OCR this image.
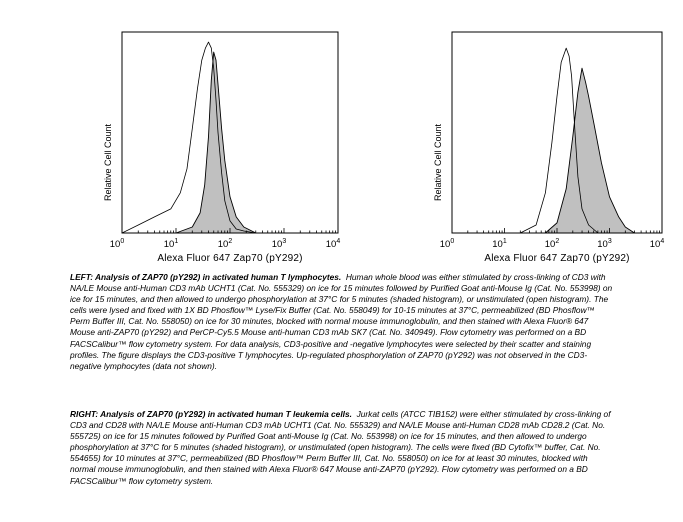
$10^0$	$10^1$	$10^2$	$10^3$	$10^4$
Alexa Fluor 647 Zap70 (pY292)
Relative Cell Count
$10^0$	$10^1$	$10^2$	$10^3$	$10^4$
Alexa Fluor 647 Zap70 (pY292)
Relative Cell Count

LEFT: Analysis of ZAP70 (pY292) in activated human T lymphocytes. Human whole blood was either stimulated by cross-linking of CD3 with NA/LE Mouse anti-Human CD3 mAb UCHT1 (Cat. No. 555329) on ice for 15 minutes followed by Purified Goat anti-Mouse Ig (Cat. No. 553998) on ice for 15 minutes, and then allowed to undergo phosphorylation at 37°C for 5 minutes (shaded histogram), or unstimulated (open histogram). The cells were lysed and fixed with 1X BD Phosflow™ Lyse/Fix Buffer (Cat. No. 558049) for 10-15 minutes at 37°C, permeabilized (BD Phosflow™ Perm Buffer III, Cat. No. 558050) on ice for 30 minutes, blocked with normal mouse immunoglobulin, and then stained with Alexa Fluor® 647 Mouse anti-ZAP70 (pY292) and PerCP-Cy5.5 Mouse anti-human CD3 mAb SK7 (Cat. No. 340949). Flow cytometry was performed on a BD FACSCalibur™ flow cytometry system. For data analysis, CD3-positive and -negative lymphocytes were selected by their scatter and staining profiles. The figure displays the CD3-positive T lymphocytes. Up-regulated phosphorylation of ZAP70 (pY292) was not observed in the CD3-negative lymphocytes (data not shown).

RIGHT: Analysis of ZAP70 (pY292) in activated human T leukemia cells. Jurkat cells (ATCC TIB152) were either stimulated by cross-linking of CD3 and CD28 with NA/LE Mouse anti-Human CD3 mAb UCHT1 (Cat. No. 555329) and NA/LE Mouse anti-Human CD28 mAb CD28.2 (Cat. No. 555725) on ice for 15 minutes followed by Purified Goat anti-Mouse Ig (Cat. No. 553998) on ice for 15 minutes, and then allowed to undergo phosphorylation at 37°C for 5 minutes (shaded histogram), or unstimulated (open histogram). The cells were fixed (BD Cytofix™ buffer, Cat. No. 554655) for 10 minutes at 37°C, permeabilized (BD Phosflow™ Perm Buffer III, Cat. No. 558050) on ice for at least 30 minutes, blocked with normal mouse immunoglobulin, and then stained with Alexa Fluor® 647 Mouse anti-ZAP70 (pY292). Flow cytometry was performed on a BD FACSCalibur™ flow cytometry system.
